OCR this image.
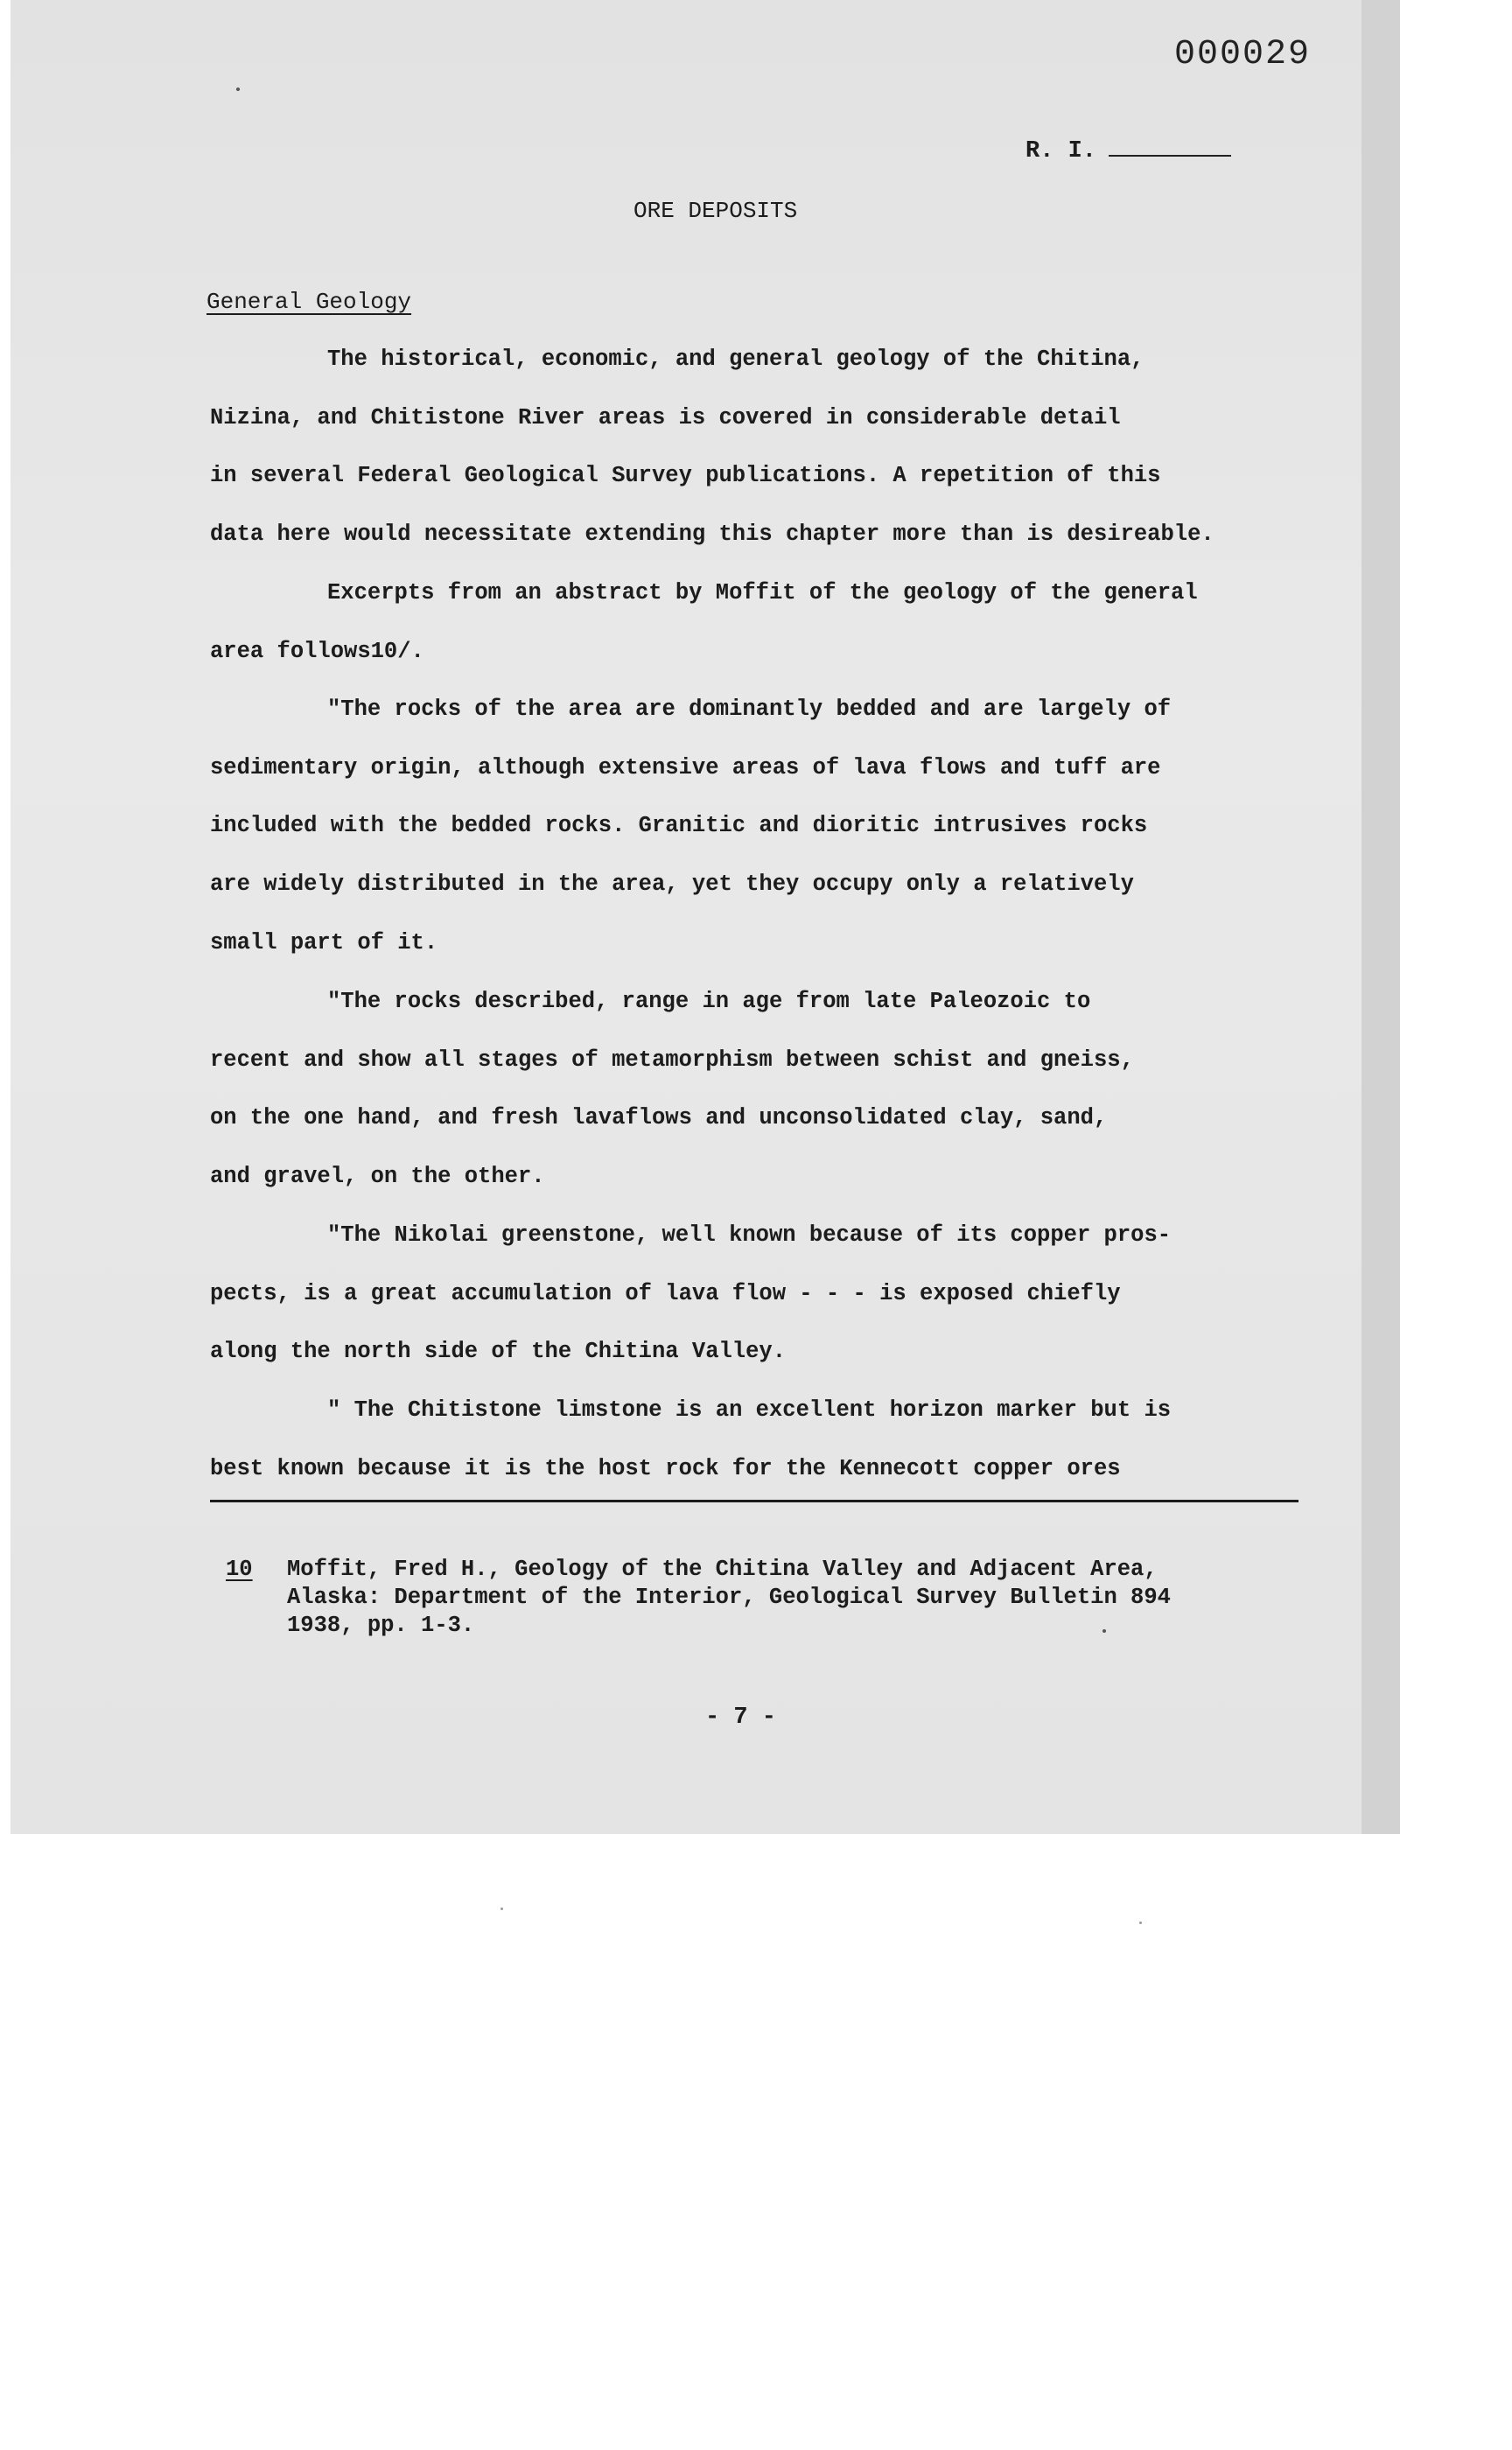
000029
R. I.
ORE DEPOSITS
General Geology
The historical, economic, and general geology of the Chitina,
Nizina, and Chitistone River areas is covered in considerable detail
in several Federal Geological Survey publications. A repetition of this
data here would necessitate extending this chapter more than is desireable.
Excerpts from an abstract by Moffit of the geology of the general
area follows10/.
"The rocks of the area are dominantly bedded and are largely of
sedimentary origin, although extensive areas of lava flows and tuff are
included with the bedded rocks. Granitic and dioritic intrusives rocks
are widely distributed in the area, yet they occupy only a relatively
small part of it.
"The rocks described, range in age from late Paleozoic to
recent and show all stages of metamorphism between schist and gneiss,
on the one hand, and fresh lavaflows and unconsolidated clay, sand,
and gravel, on the other.
"The Nikolai greenstone, well known because of its copper pros-
pects, is a great accumulation of lava flow - - - is exposed chiefly
along the north side of the Chitina Valley.
" The Chitistone limstone is an excellent horizon marker but is
best known because it is the host rock for the Kennecott copper ores
10 Moffit, Fred H., Geology of the Chitina Valley and Adjacent Area,
Alaska: Department of the Interior, Geological Survey Bulletin 894
1938, pp. 1-3.
- 7 -
